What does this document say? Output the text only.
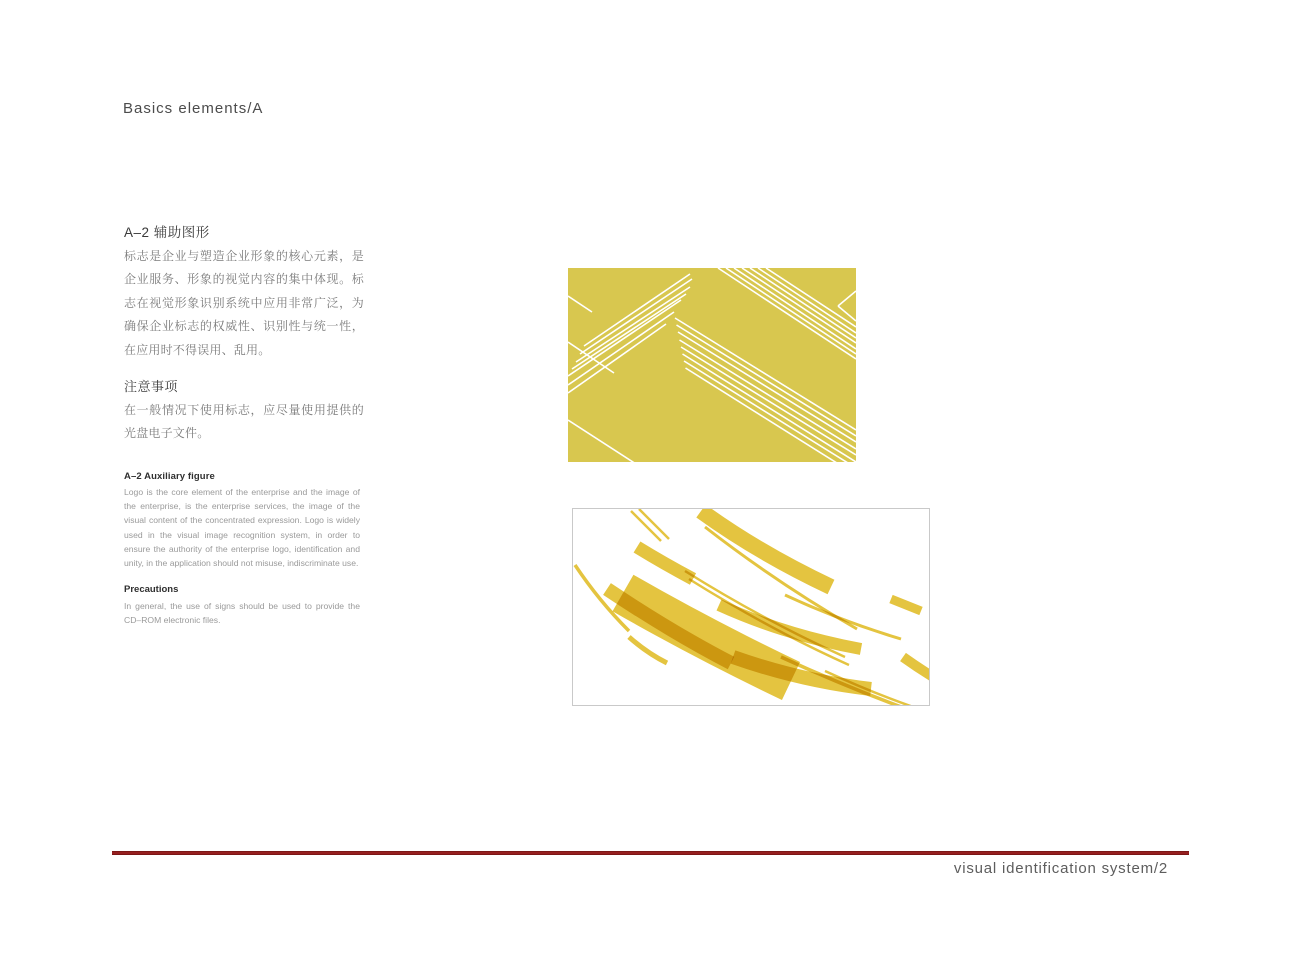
Basics elements/A
A–2 辅助图形
标志是企业与塑造企业形象的核心元素，是企业服务、形象的视觉内容的集中体现。标志在视觉形象识别系统中应用非常广泛，为确保企业标志的权威性、识别性与统一性，在应用时不得误用、乱用。
注意事项
在一般情况下使用标志，应尽量使用提供的光盘电子文件。
A–2 Auxiliary figure
Logo is the core element of the enterprise and the image of the enterprise, is the enterprise services, the image of the visual content of the concentrated expression. Logo is widely used in the visual image recognition system, in order to ensure the authority of the enterprise logo, identification and unity, in the application should not misuse, indiscriminate use.
Precautions
In general, the use of signs should be used to provide the CD–ROM electronic files.
visual identification system/2
